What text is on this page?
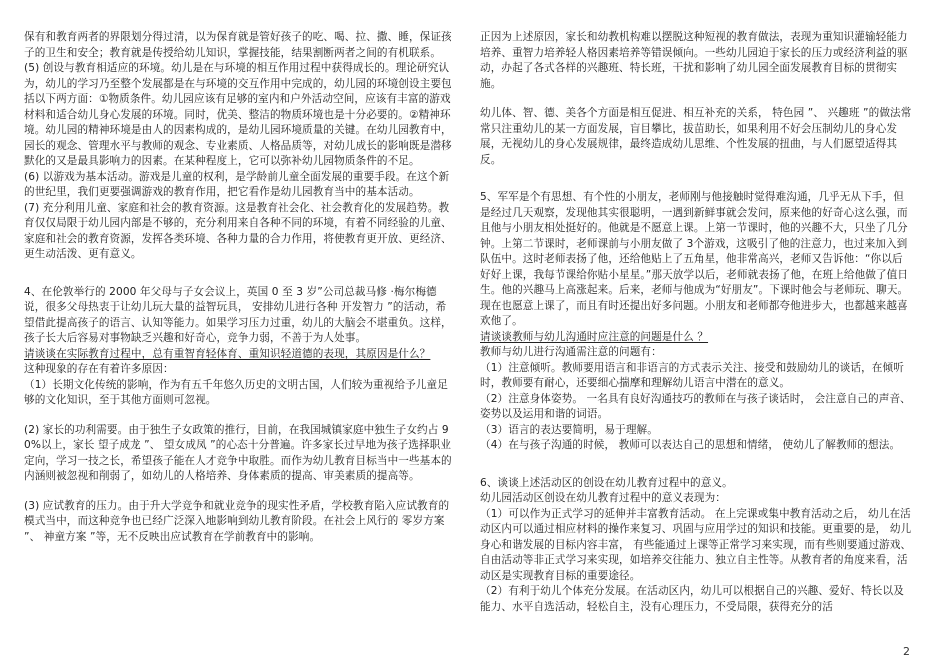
保有和教育两者的界限划分得过清，以为保育就是管好孩子的吃、喝、拉、撒、睡，保证孩子的卫生和安全；教育就是传授给幼儿知识，掌握技能，结果割断两者之间的有机联系。

(5) 创设与教育相适应的环境。幼儿是在与环境的相互作用过程中获得成长的。理论研究认为，幼儿的学习乃至整个发展都是在与环境的交互作用中完成的，幼儿园的环境创设主要包括以下两方面：①物质条件。幼儿园应该有足够的室内和户外活动空间，应该有丰富的游戏材料和适合幼儿身心发展的环境。同时，优美、整洁的物质环境也是十分必要的。②精神环境。幼儿园的精神环境是由人的因素构成的，是幼儿园环境质量的关键。在幼儿园教育中，园长的观念、管理水平与教师的观念、专业素质、人格品质等，对幼儿成长的影响既是潜移默化的又是最具影响力的因素。在某种程度上，它可以弥补幼儿园物质条件的不足。

(6) 以游戏为基本活动。游戏是儿童的权利，是学龄前儿童全面发展的重要手段。在这个新的世纪里，我们更要强调游戏的教育作用，把它看作是幼儿园教育当中的基本活动。

(7) 充分利用儿童、家庭和社会的教育资源。这是教育社会化、社会教育化的发展趋势。教育仅仅局限于幼儿园内部是不够的，充分利用来自各种不同的环境，有着不同经验的儿童、家庭和社会的教育资源，发挥各类环境、各种力量的合力作用，将使教育更开放、更经济、更生动活泼、更有意义。

4、在伦敦举行的 2000 年父母与子女会议上，英国 0 至 3 岁”公司总裁马修 ·梅尔梅德说，很多父母热衷于让幼儿玩大量的益智玩具， 安排幼儿进行各种 开发智力 ”的活动，希望借此提高孩子的语言、认知等能力。如果学习压力过重，幼儿的大脑会不堪重负。这样，孩子长大后容易对事物缺乏兴趣和好奇心，竞争力弱，不善于为人处事。

请谈谈在实际教育过程中，总有重智育轻体育、重知识轻道德的表现，其原因是什么？

这种现象的存在有着许多原因：

（1）长期文化传统的影响，作为有五千年悠久历史的文明古国，人们较为重视给予儿童足够的文化知识，至于其他方面则可忽视。

(2) 家长的功利需要。由于独生子女政策的推行，目前，在我国城镇家庭中独生子女约占 90%以上，家长 望子成龙 ”、 望女成凤 ”的心态十分普遍。许多家长过早地为孩子选择职业定向，学习一技之长，希望孩子能在人才竞争中取胜。而作为幼儿教育目标当中一些基本的内涵则被忽视和削弱了，如幼儿的人格培养、身体素质的提高、审美素质的提高等。

(3) 应试教育的压力。由于升大学竞争和就业竞争的现实性矛盾，学校教育陷入应试教育的模式当中，而这种竞争也已经广泛深入地影响到幼儿教育阶段。在社会上风行的 零岁方案 ”、 神童方案 ”等，无不反映出应试教育在学前教育中的影响。

正因为上述原因，家长和幼教机构难以摆脱这种短视的教育做法，表现为重知识灌输轻能力培养、重智力培养轻人格因素培养等错误倾向。一些幼儿园迫于家长的压力或经济利益的驱动，办起了各式各样的兴趣班、特长班，干扰和影响了幼儿园全面发展教育目标的贯彻实施。

幼儿体、智、德、美各个方面是相互促进、相互补充的关系， 特色园 ”、 兴趣班 ”的做法常常只注重幼儿的某一方面发展，盲目攀比，拔苗助长，如果利用不好会压制幼儿的身心发展，无视幼儿的身心发展规律，最终造成幼儿思维、个性发展的扭曲，与人们愿望适得其反。

5、军军是个有思想、有个性的小朋友，老师刚与他接触时觉得难沟通，几乎无从下手，但是经过几天观察，发现他其实很聪明，一遇到新鲜事就会发问，原来他的好奇心这么强，而且他与小朋友相处挺好的。他就是不愿意上课。上第一节课时，他的兴趣不大，只坐了几分钟。上第二节课时，老师课前与小朋友做了 3个游戏，这吸引了他的注意力，也过来加入到队伍中。这时老师表扬了他，还给他贴上了五角星，他非常高兴，老师又告诉他：“你以后好好上课，我每节课给你贴小星星。”那天放学以后，老师就表扬了他，在班上给他做了值日生。他的兴趣马上高涨起来。后来，老师与他成为“好朋友”。下课时他会与老师玩、聊天。现在也愿意上课了，而且有时还提出好多问题。小朋友和老师都夸他进步大，也都越来越喜欢他了。

请谈谈教师与幼儿沟通时应注意的问题是什么 ？

教师与幼儿进行沟通需注意的问题有：

（1）注意倾听。教师要用语言和非语言的方式表示关注、接受和鼓励幼儿的谈话，在倾听时，教师要有耐心，还要细心揣摩和理解幼儿语言中潜在的意义。

（2）注意身体姿势。 一名具有良好沟通技巧的教师在与孩子谈话时， 会注意自己的声音、姿势以及运用和谐的词语。

（3）语言的表达要简明，易于理解。

（4）在与孩子沟通的时候， 教师可以表达自己的思想和情绪， 使幼儿了解教师的想法。

6、谈谈上述活动区的创设在幼儿教育过程中的意义。

幼儿园活动区创设在幼儿教育过程中的意义表现为：

（1）可以作为正式学习的延伸并丰富教育活动。 在上完课或集中教育活动之后， 幼儿在活动区内可以通过相应材料的操作来复习、巩固与应用学过的知识和技能。更重要的是， 幼儿身心和谐发展的目标内容丰富， 有些能通过上课等正常学习来实现，而有些则要通过游戏、自由活动等非正式学习来实现，如培养交往能力、独立自主性等。从教育者的角度来看，活动区是实现教育目标的重要途径。

（2）有利于幼儿个体充分发展。在活动区内，幼儿可以根据自己的兴趣、爱好、特长以及能力、水平自选活动，轻松自主，没有心理压力，不受局限，获得充分的活

2
